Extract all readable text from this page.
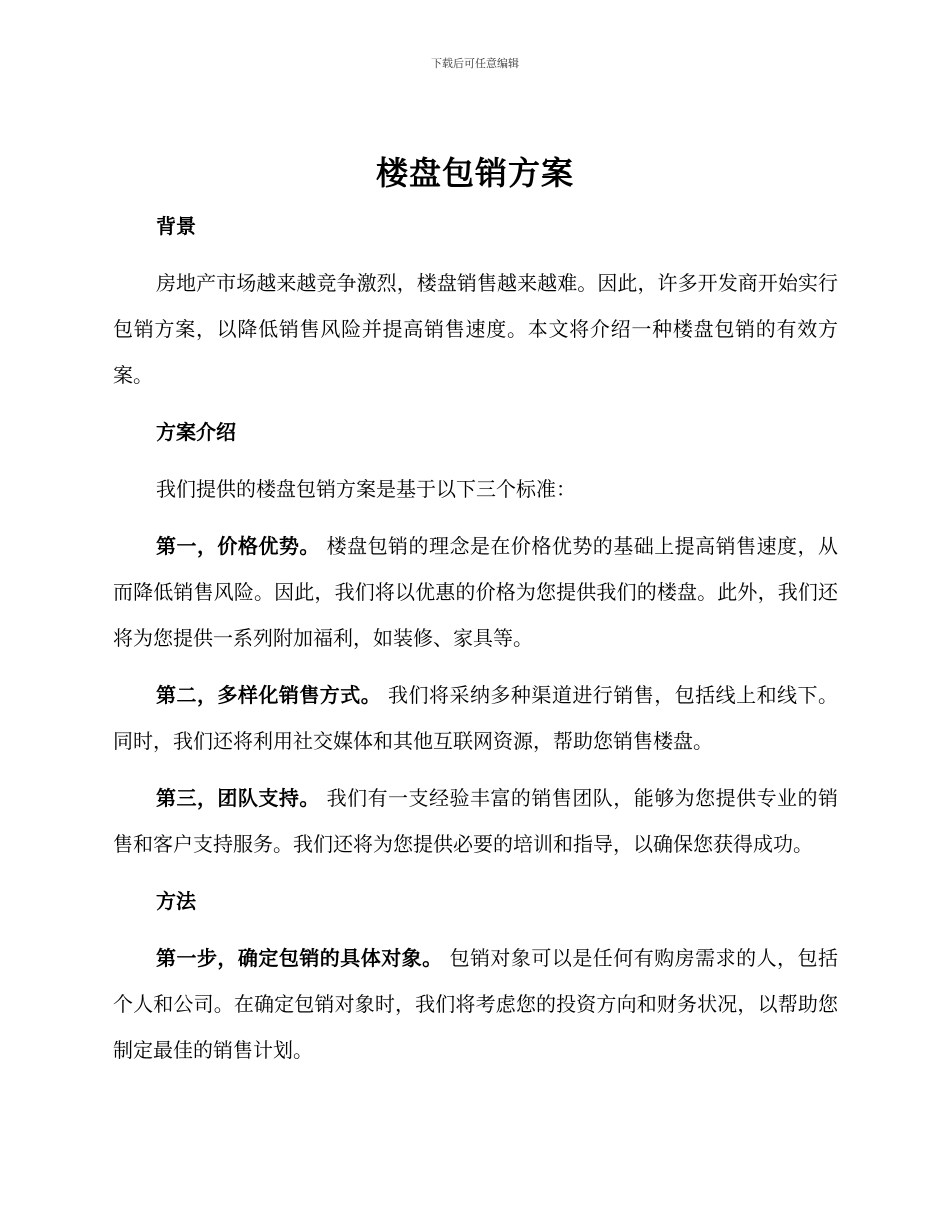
下载后可任意编辑
楼盘包销方案
背景
房地产市场越来越竞争激烈，楼盘销售越来越难。因此，许多开发商开始实行包销方案，以降低销售风险并提高销售速度。本文将介绍一种楼盘包销的有效方案。
方案介绍
我们提供的楼盘包销方案是基于以下三个标准：
第一，价格优势。 楼盘包销的理念是在价格优势的基础上提高销售速度，从而降低销售风险。因此，我们将以优惠的价格为您提供我们的楼盘。此外，我们还将为您提供一系列附加福利，如装修、家具等。
第二，多样化销售方式。 我们将采纳多种渠道进行销售，包括线上和线下。同时，我们还将利用社交媒体和其他互联网资源，帮助您销售楼盘。
第三，团队支持。 我们有一支经验丰富的销售团队，能够为您提供专业的销售和客户支持服务。我们还将为您提供必要的培训和指导，以确保您获得成功。
方法
第一步，确定包销的具体对象。 包销对象可以是任何有购房需求的人，包括个人和公司。在确定包销对象时，我们将考虑您的投资方向和财务状况，以帮助您制定最佳的销售计划。
